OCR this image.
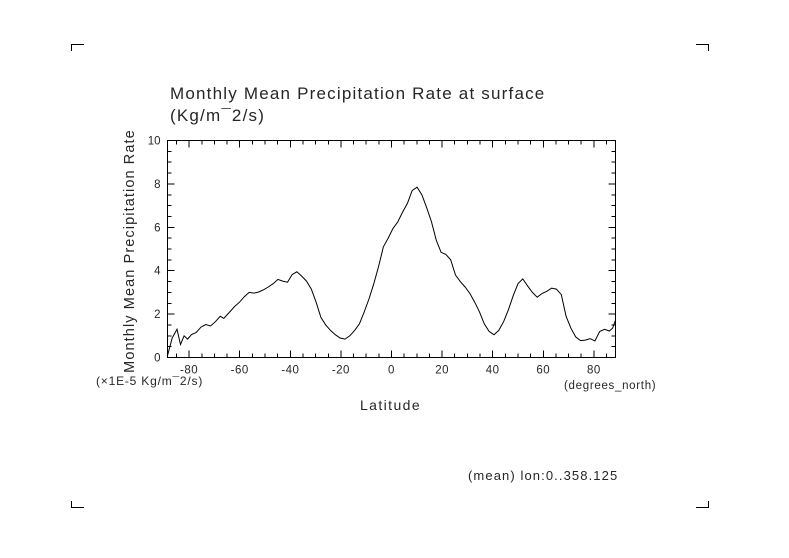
-80	-60	-40	-20	0	20	40	60	80
0
2
4
6
8
10
Monthly Mean Precipitation Rate at surface
(Kg/m¯2/s)
Monthly Mean Precipitation Rate
(×1E-5 Kg/m¯2/s)	(degrees_north)
Latitude
(mean) lon:0..358.125
